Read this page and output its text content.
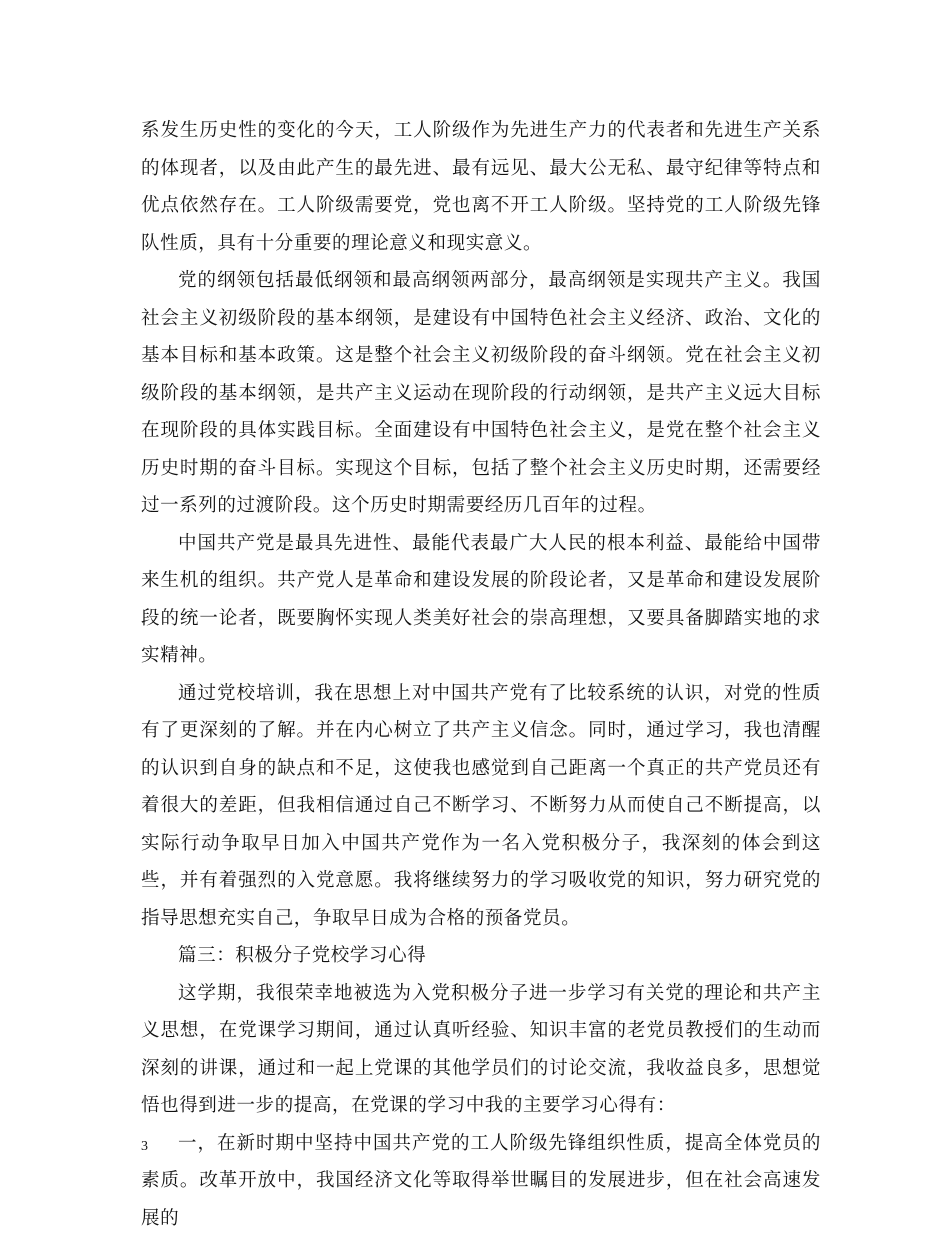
系发生历史性的变化的今天，工人阶级作为先进生产力的代表者和先进生产关系的体现者，以及由此产生的最先进、最有远见、最大公无私、最守纪律等特点和优点依然存在。工人阶级需要党，党也离不开工人阶级。坚持党的工人阶级先锋队性质，具有十分重要的理论意义和现实意义。

党的纲领包括最低纲领和最高纲领两部分，最高纲领是实现共产主义。我国社会主义初级阶段的基本纲领，是建设有中国特色社会主义经济、政治、文化的基本目标和基本政策。这是整个社会主义初级阶段的奋斗纲领。党在社会主义初级阶段的基本纲领，是共产主义运动在现阶段的行动纲领，是共产主义远大目标在现阶段的具体实践目标。全面建设有中国特色社会主义，是党在整个社会主义历史时期的奋斗目标。实现这个目标，包括了整个社会主义历史时期，还需要经过一系列的过渡阶段。这个历史时期需要经历几百年的过程。

中国共产党是最具先进性、最能代表最广大人民的根本利益、最能给中国带来生机的组织。共产党人是革命和建设发展的阶段论者，又是革命和建设发展阶段的统一论者，既要胸怀实现人类美好社会的崇高理想，又要具备脚踏实地的求实精神。

通过党校培训，我在思想上对中国共产党有了比较系统的认识，对党的性质有了更深刻的了解。并在内心树立了共产主义信念。同时，通过学习，我也清醒的认识到自身的缺点和不足，这使我也感觉到自己距离一个真正的共产党员还有着很大的差距，但我相信通过自己不断学习、不断努力从而使自己不断提高，以实际行动争取早日加入中国共产党作为一名入党积极分子，我深刻的体会到这些，并有着强烈的入党意愿。我将继续努力的学习吸收党的知识，努力研究党的指导思想充实自己，争取早日成为合格的预备党员。

篇三：积极分子党校学习心得

这学期，我很荣幸地被选为入党积极分子进一步学习有关党的理论和共产主义思想，在党课学习期间，通过认真听经验、知识丰富的老党员教授们的生动而深刻的讲课，通过和一起上党课的其他学员们的讨论交流，我收益良多，思想觉悟也得到进一步的提高，在党课的学习中我的主要学习心得有：

一，在新时期中坚持中国共产党的工人阶级先锋组织性质，提高全体党员的素质。改革开放中，我国经济文化等取得举世瞩目的发展进步，但在社会高速发展的

3
